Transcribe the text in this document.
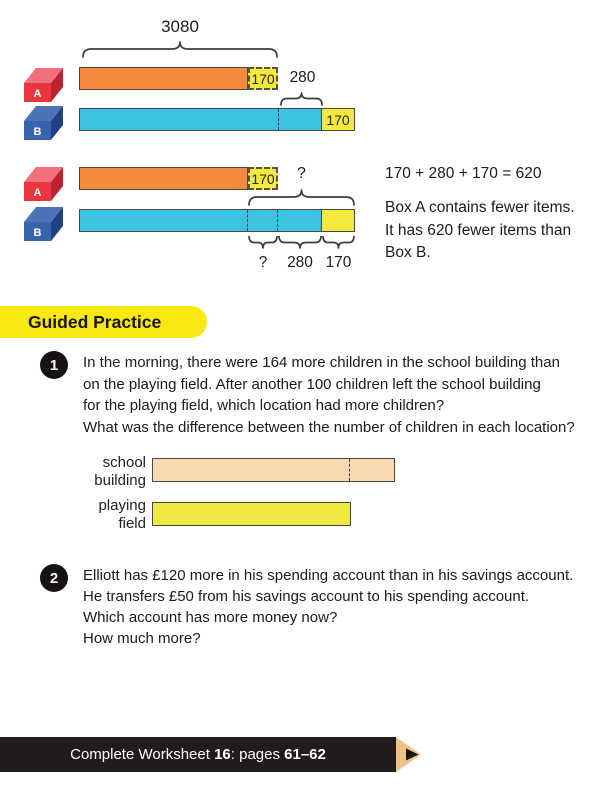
3080
A
170 280
B
170
A
170	?
B
?	280 170
170 + 280 + 170 = 620
Box A contains fewer items.
It has 620 fewer items than
Box B.
Guided Practice
1 In the morning, there were 164 more children in the school building than
on the playing field. After another 100 children left the school building
for the playing field, which location had more children?
What was the difference between the number of children in each location?
school
building
playing
field
2 Elliott has £120 more in his spending account than in his savings account.
He transfers £50 from his savings account to his spending account.
Which account has more money now?
How much more?
Complete Worksheet 16 : pages 61–62
